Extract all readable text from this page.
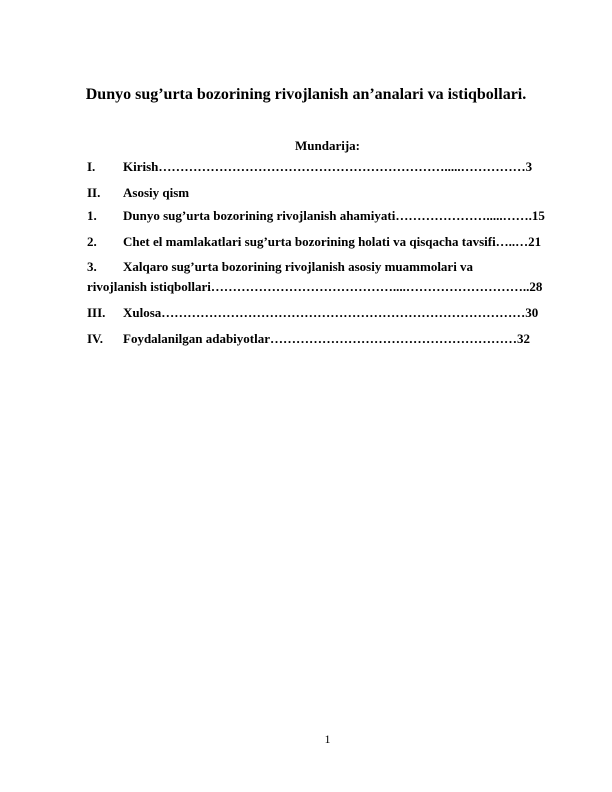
Dunyo sug’urta bozorining rivojlanish an’analari va istiqbollari.
Mundarija:
I. Kirish………………………………………………………….....……………3
II. Asosiy qism
1. Dunyo sug’urta bozorining rivojlanish ahamiyati………………….....…….15
2. Chet el mamlakatlari sug’urta bozorining holati va qisqacha tavsifi…..…21
3. Xalqaro sug’urta bozorining rivojlanish asosiy muammolari va
rivojlanish istiqbollari……………………………………....………………………..28
III. Xulosa…………………………………………………………………………30
IV. Foydalanilgan adabiyotlar…………………………………………………32
1
